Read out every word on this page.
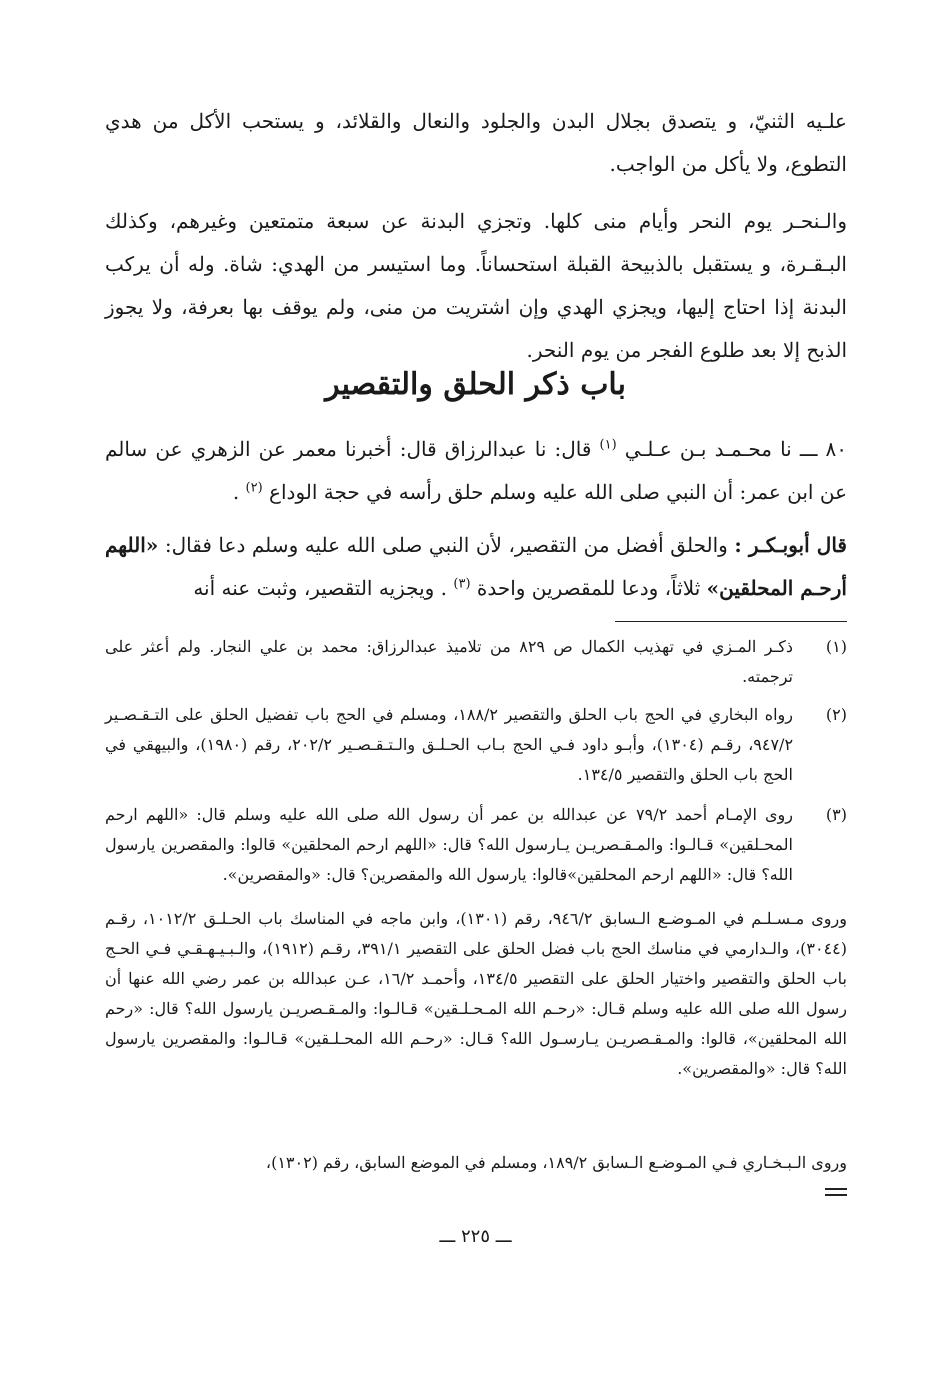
علـيه الثنيّ، و يتصدق بجلال البدن والجلود والنعال والقلائد، و يستحب الأكل من هدي التطوع، ولا يأكل من الواجب.

والـنحـر يوم النحر وأيام منى كلها. وتجزي البدنة عن سبعة متمتعين وغيرهم، وكذلك البـقـرة، و يستقبل بالذبيحة القبلة استحساناً. وما استيسر من الهدي: شاة. وله أن يركب البدنة إذا احتاج إليها، ويجزي الهدي وإن اشتريت من منى، ولم يوقف بها بعرفة، ولا يجوز الذبح إلا بعد طلوع الفجر من يوم النحر.

باب ذكر الحلق والتقصير

٨٠ ـــ نا محـمـد بـن عـلـي $^{(١)}$ قال: نا عبدالرزاق قال: أخبرنا معمر عن الزهري عن سالم عن ابن عمر: أن النبي صلى الله عليه وسلم حلق رأسه في حجة الوداع $^{(٢)}$ .

قال أبوبـكـر : والحلق أفضل من التقصير، لأن النبي صلى الله عليه وسلم دعا فقال: «اللهم أرحـم المحلقين» ثلاثاً، ودعا للمقصرين واحدة $^{(٣)}$ . ويجزيه التقصير، وثبت عنه أنه

(١)
ذكـر المـزي في تهذيب الكمال ص ٨٢٩ من تلاميذ عبدالرزاق: محمد بن علي النجار. ولم أعثر على ترجمته.
(٢)
رواه البخاري في الحج باب الحلق والتقصير ١٨٨/٢، ومسلم في الحج باب تفضيل الحلق على التـقـصـير ٩٤٧/٢، رقـم (١٣٠٤)، وأبـو داود فـي الحج بـاب الحـلـق والـتـقـصـير ٢٠٢/٢، رقم (١٩٨٠)، والبيهقي في الحج باب الحلق والتقصير ١٣٤/٥.
(٣)
روى الإمـام أحمد ٧٩/٢ عن عبدالله بن عمر أن رسول الله صلى الله عليه وسلم قال: «اللهم ارحم المحـلقين» قـالـوا: والمـقـصريـن يـارسول الله؟ قال: «اللهم ارحم المحلقين» قالوا: والمقصرين يارسول الله؟ قال: «اللهم ارحم المحلقين»قالوا: يارسول الله والمقصرين؟ قال: «والمقصرين».
وروى مـسـلـم في المـوضـع الـسابق ٩٤٦/٢، رقم (١٣٠١)، وابن ماجه في المناسك باب الحـلـق ١٠١٢/٢، رقـم (٣٠٤٤)، والـدارمي في مناسك الحج باب فضل الحلق على التقصير ٣٩١/١، رقـم (١٩١٢)، والـبـيـهـقـي فـي الحـج باب الحلق والتقصير واختيار الحلق على التقصير ١٣٤/٥، وأحمـد ١٦/٢، عـن عبدالله بن عمر رضي الله عنها أن رسول الله صلى الله عليه وسلم قـال: «رحـم الله المـحـلـقين» قـالـوا: والمـقـصريـن يارسول الله؟ قال: «رحم الله المحلقين»، قالوا: والمـقـصريـن يـارسـول الله؟ قـال: «رحـم الله المحـلـقين» قـالـوا: والمقصرين يارسول الله؟ قال: «والمقصرين».
وروى الـبـخـاري فـي المـوضـع الـسابق ١٨٩/٢، ومسلم في الموضع السابق، رقم (١٣٠٢)،
ـــ ٢٢٥ ـــ
